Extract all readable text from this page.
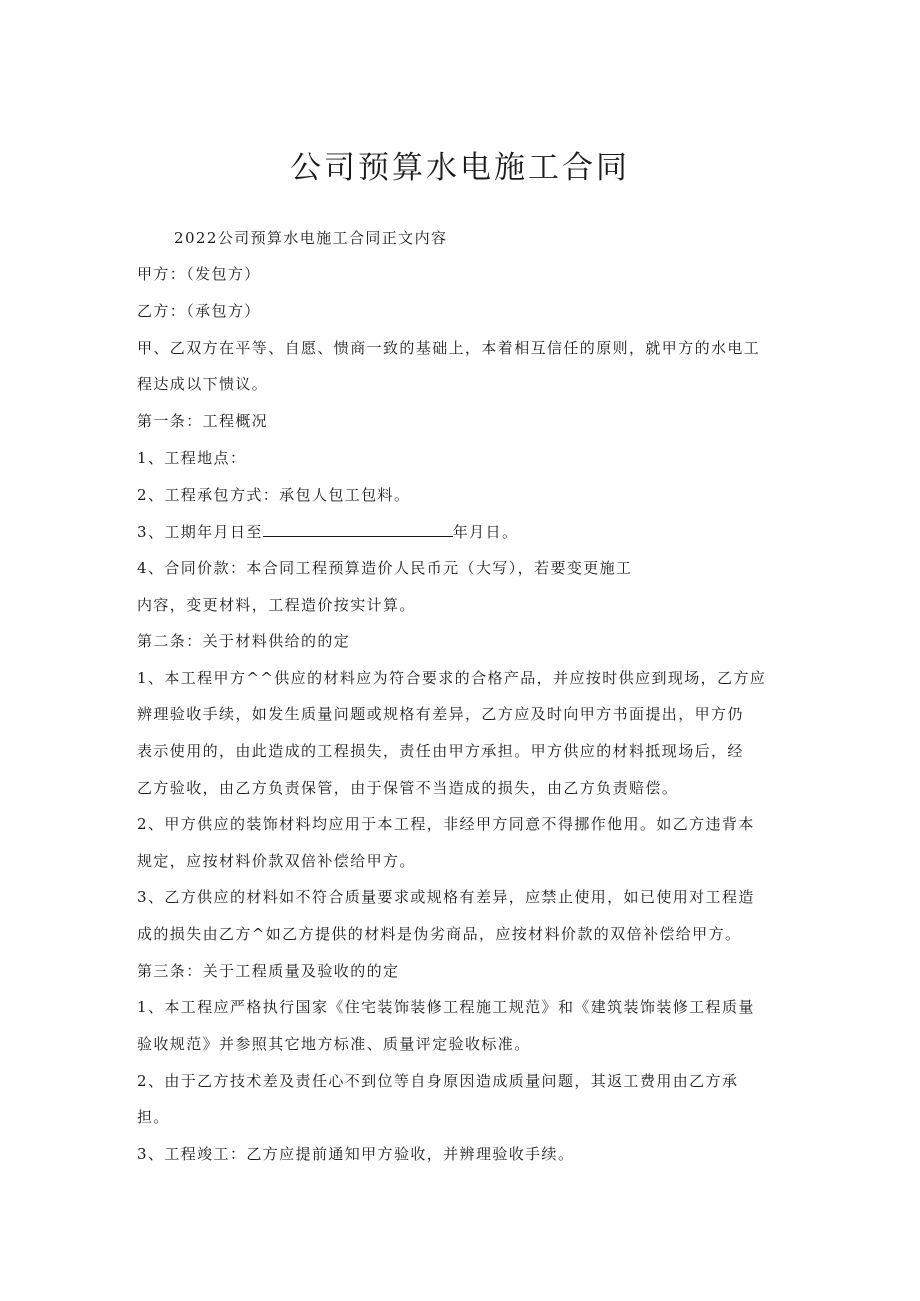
公司预算水电施工合同
2022公司预算水电施工合同正文内容
甲方：（发包方）
乙方：（承包方）
甲、乙双方在平等、自愿、愦商一致的基础上，本着相互信任的原则，就甲方的水电工
程达成以下愦议。
第一条：工程概况
1、工程地点：
2、工程承包方式：承包人包工包料。
3、工期年月日至	年月日。
4、合同价款：本合同工程预算造价人民币元（大写），若要变更施工
内容，变更材料，工程造价按实计算。
第二条：关于材料供给的的定
1、本工程甲方^^供应的材料应为符合要求的合格产品，并应按时供应到现场，乙方应
辨理验收手续，如发生质量问题或规格有差异，乙方应及时向甲方书面提出，甲方仍
表示使用的，由此造成的工程损失，责任由甲方承担。甲方供应的材料抵现场后，经
乙方验收，由乙方负责保管，由于保管不当造成的损失，由乙方负责赔偿。
2、甲方供应的装饰材料均应用于本工程，非经甲方同意不得挪作他用。如乙方违背本
规定，应按材料价款双倍补偿给甲方。
3、乙方供应的材料如不符合质量要求或规格有差异，应禁止使用，如已使用对工程造
成的损失由乙方^如乙方提供的材料是伪劣商品，应按材料价款的双倍补偿给甲方。
第三条：关于工程质量及验收的的定
1、本工程应严格执行国家《住宅装饰装修工程施工规范》和《建筑装饰装修工程质量
验收规范》并参照其它地方标准、质量评定验收标准。
2、由于乙方技术差及责任心不到位等自身原因造成质量问题，其返工费用由乙方承
担。
3、工程竣工：乙方应提前通知甲方验收，并辨理验收手续。
